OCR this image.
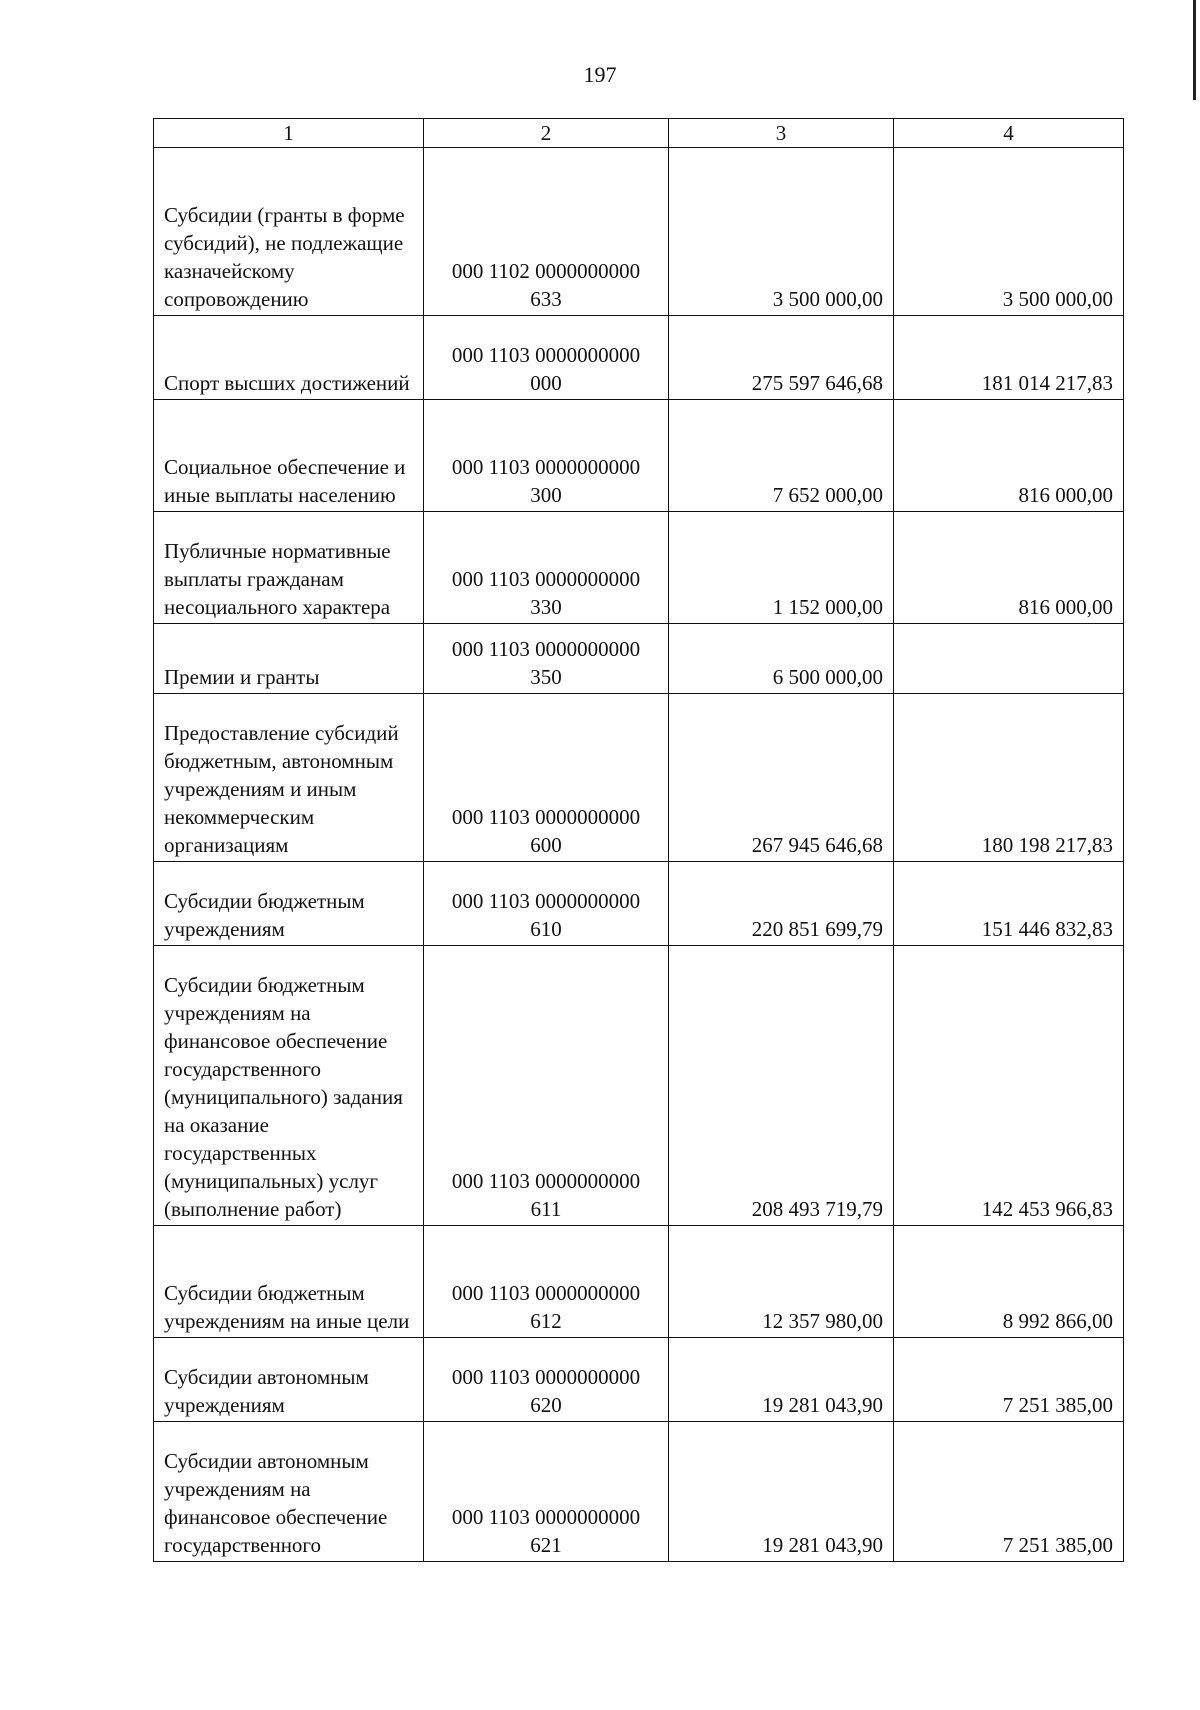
197
1	2	3	4
Субсидии (гранты в форме субсидий), не подлежащие казначейскому сопровождению	000 1102 0000000000 633	3 500 000,00	3 500 000,00
Спорт высших достижений	000 1103 0000000000 000	275 597 646,68	181 014 217,83
Социальное обеспечение и иные выплаты населению	000 1103 0000000000 300	7 652 000,00	816 000,00
Публичные нормативные выплаты гражданам несоциального характера	000 1103 0000000000 330	1 152 000,00	816 000,00
Премии и гранты	000 1103 0000000000 350	6 500 000,00	
Предоставление субсидий бюджетным, автономным учреждениям и иным некоммерческим организациям	000 1103 0000000000 600	267 945 646,68	180 198 217,83
Субсидии бюджетным учреждениям	000 1103 0000000000 610	220 851 699,79	151 446 832,83
Субсидии бюджетным учреждениям на финансовое обеспечение государственного (муниципального) задания на оказание государственных (муниципальных) услуг (выполнение работ)	000 1103 0000000000 611	208 493 719,79	142 453 966,83
Субсидии бюджетным учреждениям на иные цели	000 1103 0000000000 612	12 357 980,00	8 992 866,00
Субсидии автономным учреждениям	000 1103 0000000000 620	19 281 043,90	7 251 385,00
Субсидии автономным учреждениям на финансовое обеспечение государственного	000 1103 0000000000 621	19 281 043,90	7 251 385,00
